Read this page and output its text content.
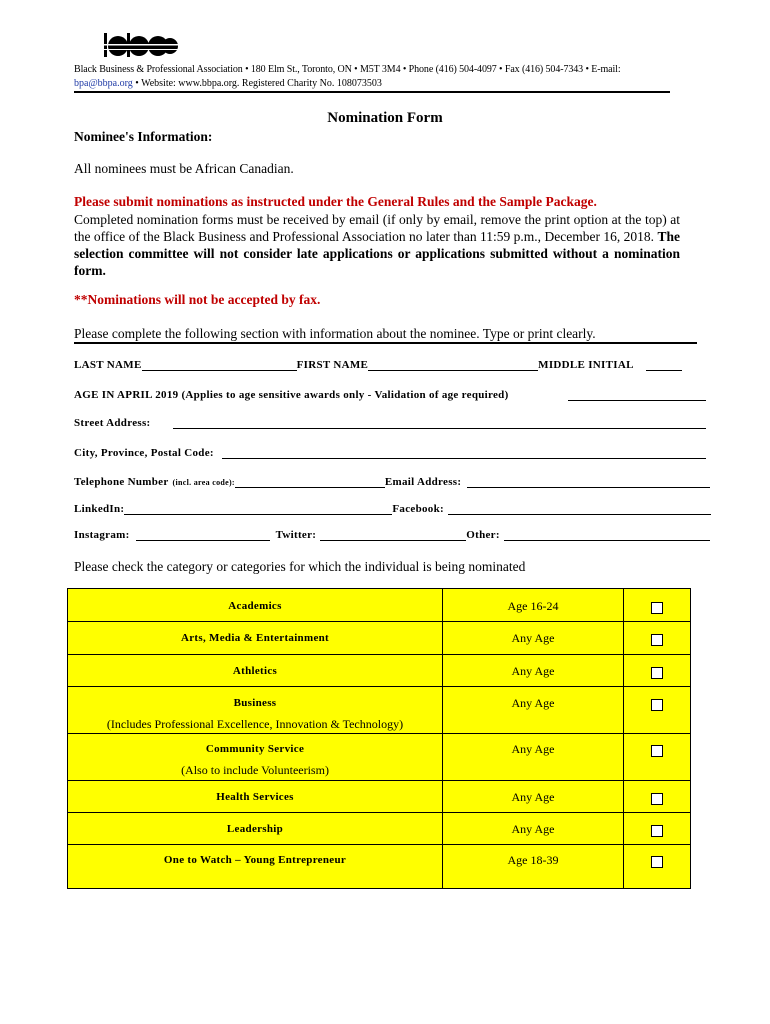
Black Business & Professional Association • 180 Elm St., Toronto, ON • M5T 3M4 • Phone (416) 504-4097 • Fax (416) 504-7343 • E-mail:
bpa@bbpa.org • Website: www.bbpa.org. Registered Charity No. 108073503
Nomination Form
Nominee's Information:
All nominees must be African Canadian.
Please submit nominations as instructed under the General Rules and the Sample Package.
Completed nomination forms must be received by email (if only by email, remove the print option at the top) at the office of the Black Business and Professional Association no later than 11:59 p.m., December 16, 2018. The selection committee will not consider late applications or applications submitted without a nomination form.
**Nominations will not be accepted by fax.
Please complete the following section with information about the nominee. Type or print clearly.
LAST NAME	FIRST NAME	MIDDLE INITIAL
AGE IN APRIL 2019 (Applies to age sensitive awards only - Validation of age required)
Street Address:
City, Province, Postal Code:
Telephone Number (incl. area code):	Email Address:
LinkedIn:	Facebook:
Instagram:	Twitter:	Other:
Please check the category or categories for which the individual is being nominated
Academics	Age 16-24	
Arts, Media & Entertainment	Any Age	
Athletics	Any Age	
Business
(Includes Professional Excellence, Innovation & Technology)	Any Age	
Community Service
(Also to include Volunteerism)	Any Age	
Health Services	Any Age	
Leadership	Any Age	
One to Watch – Young Entrepreneur	Age 18-39	
